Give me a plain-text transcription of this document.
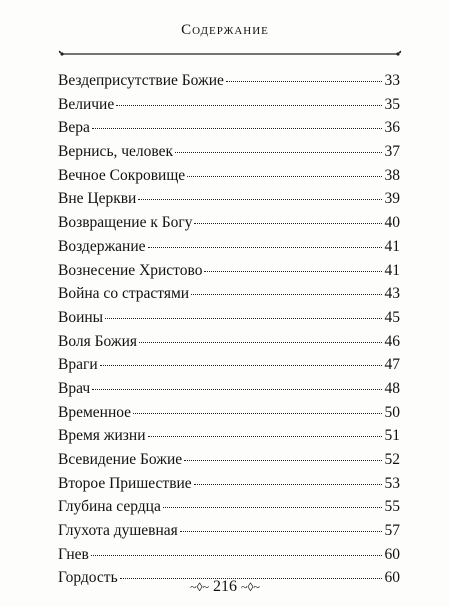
Содержание
Вездеприсутствие Божие	33
Величие	35
Вера	36
Вернись, человек	37
Вечное Сокровище	38
Вне Церкви	39
Возвращение к Богу	40
Воздержание	41
Вознесение Христово	41
Война со страстями	43
Воины	45
Воля Божия	46
Враги	47
Врач	48
Временное	50
Время жизни	51
Всевидение Божие	52
Второе Пришествие	53
Глубина сердца	55
Глухота душевная	57
Гнев	60
Гордость	60
~◊~ 216 ~◊~
